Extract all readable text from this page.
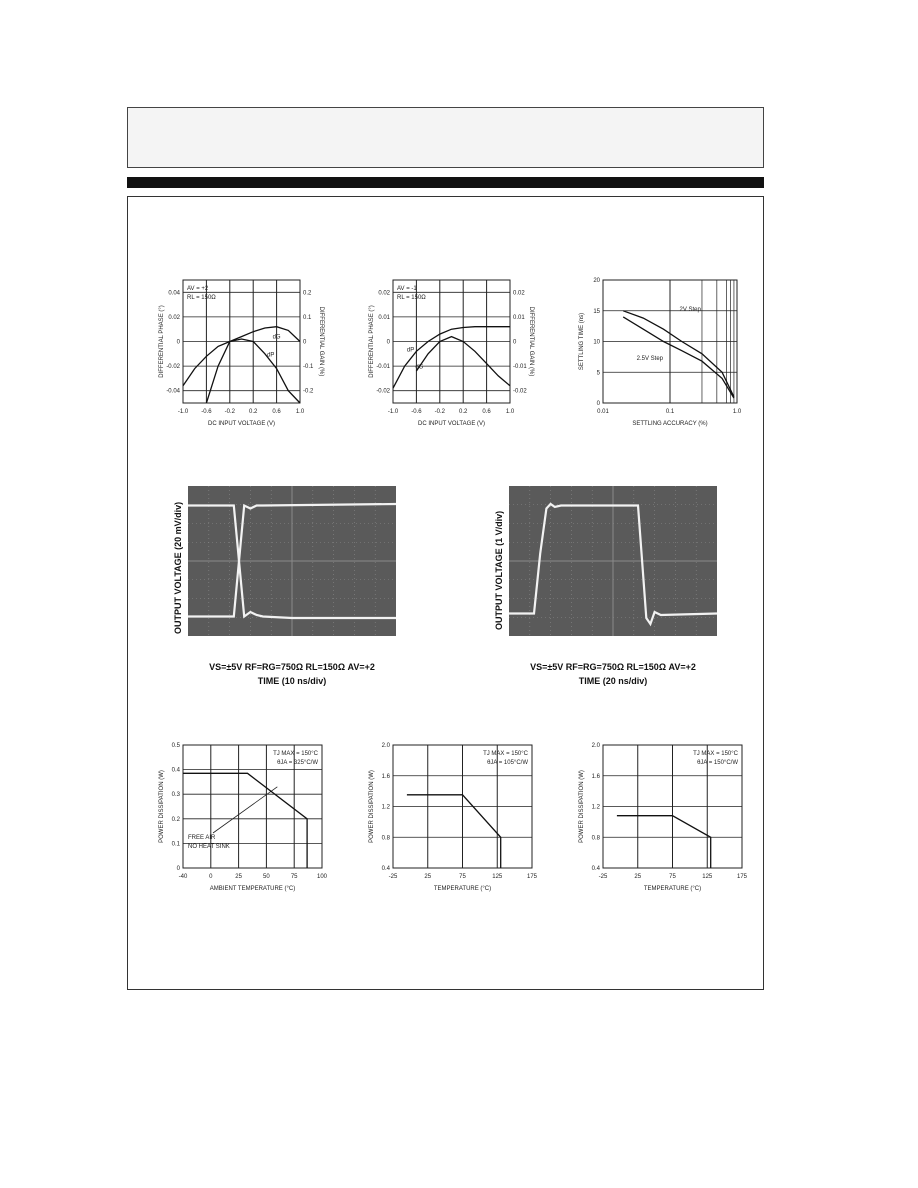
-1.0 -0.6 -0.2 0.2	0.6	1.0
0.04
0.02
0
-0.02
-0.04
0.2
0.1
0
-0.1
-0.2
DC INPUT VOLTAGE (V)
DIFFERENTIAL PHASE (°)	DIFFERENTIAL GAIN (%)
AV = +2
RL = 150Ω
dG
dP
-1.0 -0.6 -0.2 0.2	0.6	1.0
0.02
0.01
0
-0.01
-0.02
0.02
0.01
0
-0.01
-0.02
DC INPUT VOLTAGE (V)
DIFFERENTIAL PHASE (°)	DIFFERENTIAL GAIN (%)
AV = -1
RL = 150Ω
dP
dG
0.01	0.1	1.0
0
5
10
15
20
SETTLING ACCURACY (%)
SETTLING TIME (ns)
2V Step
2.5V Step
OUTPUT VOLTAGE (20 mV/div)
VS=±5V RF=RG=750Ω RL=150Ω AV=+2
TIME (10 ns/div)
OUTPUT VOLTAGE (1 V/div)
VS=±5V RF=RG=750Ω RL=150Ω AV=+2
TIME (20 ns/div)
-40	0	25	50	75	100
0
0.1
0.2
0.3
0.4
0.5
AMBIENT TEMPERATURE (°C)
POWER DISSIPATION (W)
TJ MAX = 150°C
θJA = 325°C/W
FREE AIR
NO HEAT SINK
-25	25	75	125	175
0.4
0.8
1.2
1.6
2.0
TEMPERATURE (°C)
POWER DISSIPATION (W)
TJ MAX = 150°C
θJA = 105°C/W
-25	25	75	125	175
0.4
0.8
1.2
1.6
2.0
TEMPERATURE (°C)
POWER DISSIPATION (W)
TJ MAX = 150°C
θJA = 150°C/W
